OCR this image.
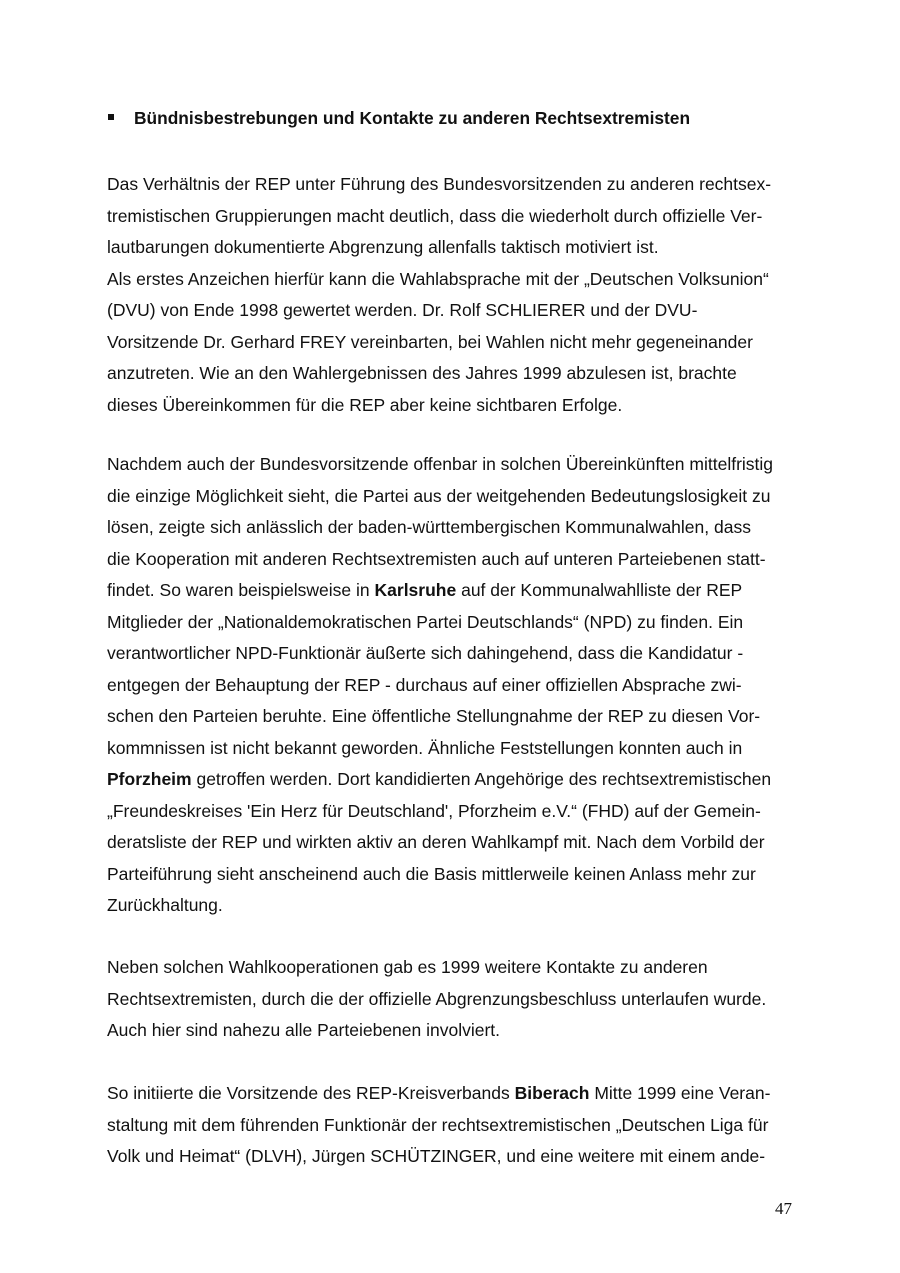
Bündnisbestrebungen und Kontakte zu anderen Rechtsextremisten
Das Verhältnis der REP unter Führung des Bundesvorsitzenden zu anderen rechtsex-
tremistischen Gruppierungen macht deutlich, dass die wiederholt durch offizielle Ver-
lautbarungen dokumentierte Abgrenzung allenfalls taktisch motiviert ist.
Als erstes Anzeichen hierfür kann die Wahlabsprache mit der „Deutschen Volksunion“
(DVU) von Ende 1998 gewertet werden. Dr. Rolf SCHLIERER und der DVU-
Vorsitzende Dr. Gerhard FREY vereinbarten, bei Wahlen nicht mehr gegeneinander
anzutreten. Wie an den Wahlergebnissen des Jahres 1999 abzulesen ist, brachte
dieses Übereinkommen für die REP aber keine sichtbaren Erfolge.
Nachdem auch der Bundesvorsitzende offenbar in solchen Übereinkünften mittelfristig
die einzige Möglichkeit sieht, die Partei aus der weitgehenden Bedeutungslosigkeit zu
lösen, zeigte sich anlässlich der baden-württembergischen Kommunalwahlen, dass
die Kooperation mit anderen Rechtsextremisten auch auf unteren Parteiebenen statt-
findet. So waren beispielsweise in Karlsruhe auf der Kommunalwahlliste der REP
Mitglieder der „Nationaldemokratischen Partei Deutschlands“ (NPD) zu finden. Ein
verantwortlicher NPD-Funktionär äußerte sich dahingehend, dass die Kandidatur -
entgegen der Behauptung der REP - durchaus auf einer offiziellen Absprache zwi-
schen den Parteien beruhte. Eine öffentliche Stellungnahme der REP zu diesen Vor-
kommnissen ist nicht bekannt geworden. Ähnliche Feststellungen konnten auch in
Pforzheim getroffen werden. Dort kandidierten Angehörige des rechtsextremistischen
„Freundeskreises 'Ein Herz für Deutschland', Pforzheim e.V.“ (FHD) auf der Gemein-
deratsliste der REP und wirkten aktiv an deren Wahlkampf mit. Nach dem Vorbild der
Parteiführung sieht anscheinend auch die Basis mittlerweile keinen Anlass mehr zur
Zurückhaltung.
Neben solchen Wahlkooperationen gab es 1999 weitere Kontakte zu anderen
Rechtsextremisten, durch die der offizielle Abgrenzungsbeschluss unterlaufen wurde.
Auch hier sind nahezu alle Parteiebenen involviert.
So initiierte die Vorsitzende des REP-Kreisverbands Biberach Mitte 1999 eine Veran-
staltung mit dem führenden Funktionär der rechtsextremistischen „Deutschen Liga für
Volk und Heimat“ (DLVH), Jürgen SCHÜTZINGER, und eine weitere mit einem ande-
47
